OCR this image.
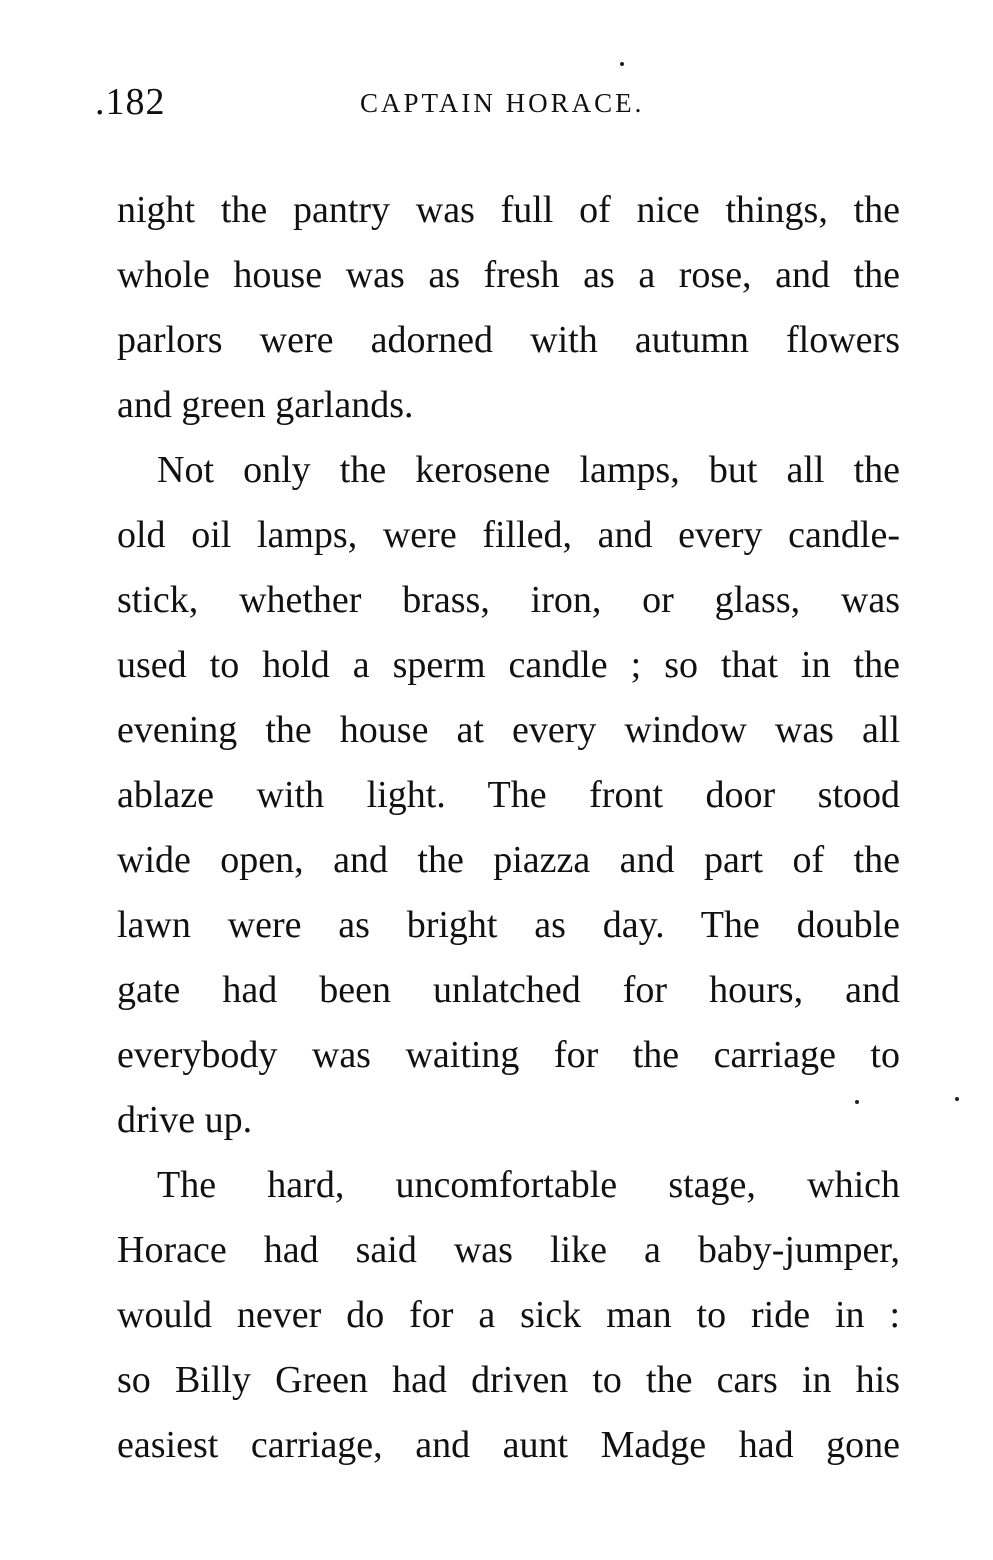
.182	CAPTAIN HORACE.
night the pantry was full of nice things, the
whole house was as fresh as a rose, and the
parlors were adorned with autumn flowers
and green garlands.
Not only the kerosene lamps, but all the
old oil lamps, were filled, and every candle-
stick, whether brass, iron, or glass, was
used to hold a sperm candle ; so that in the
evening the house at every window was all
ablaze with light. The front door stood
wide open, and the piazza and part of the
lawn were as bright as day. The double
gate had been unlatched for hours, and
everybody was waiting for the carriage to
drive up.
The hard, uncomfortable stage, which
Horace had said was like a baby-jumper,
would never do for a sick man to ride in :
so Billy Green had driven to the cars in his
easiest carriage, and aunt Madge had gone
